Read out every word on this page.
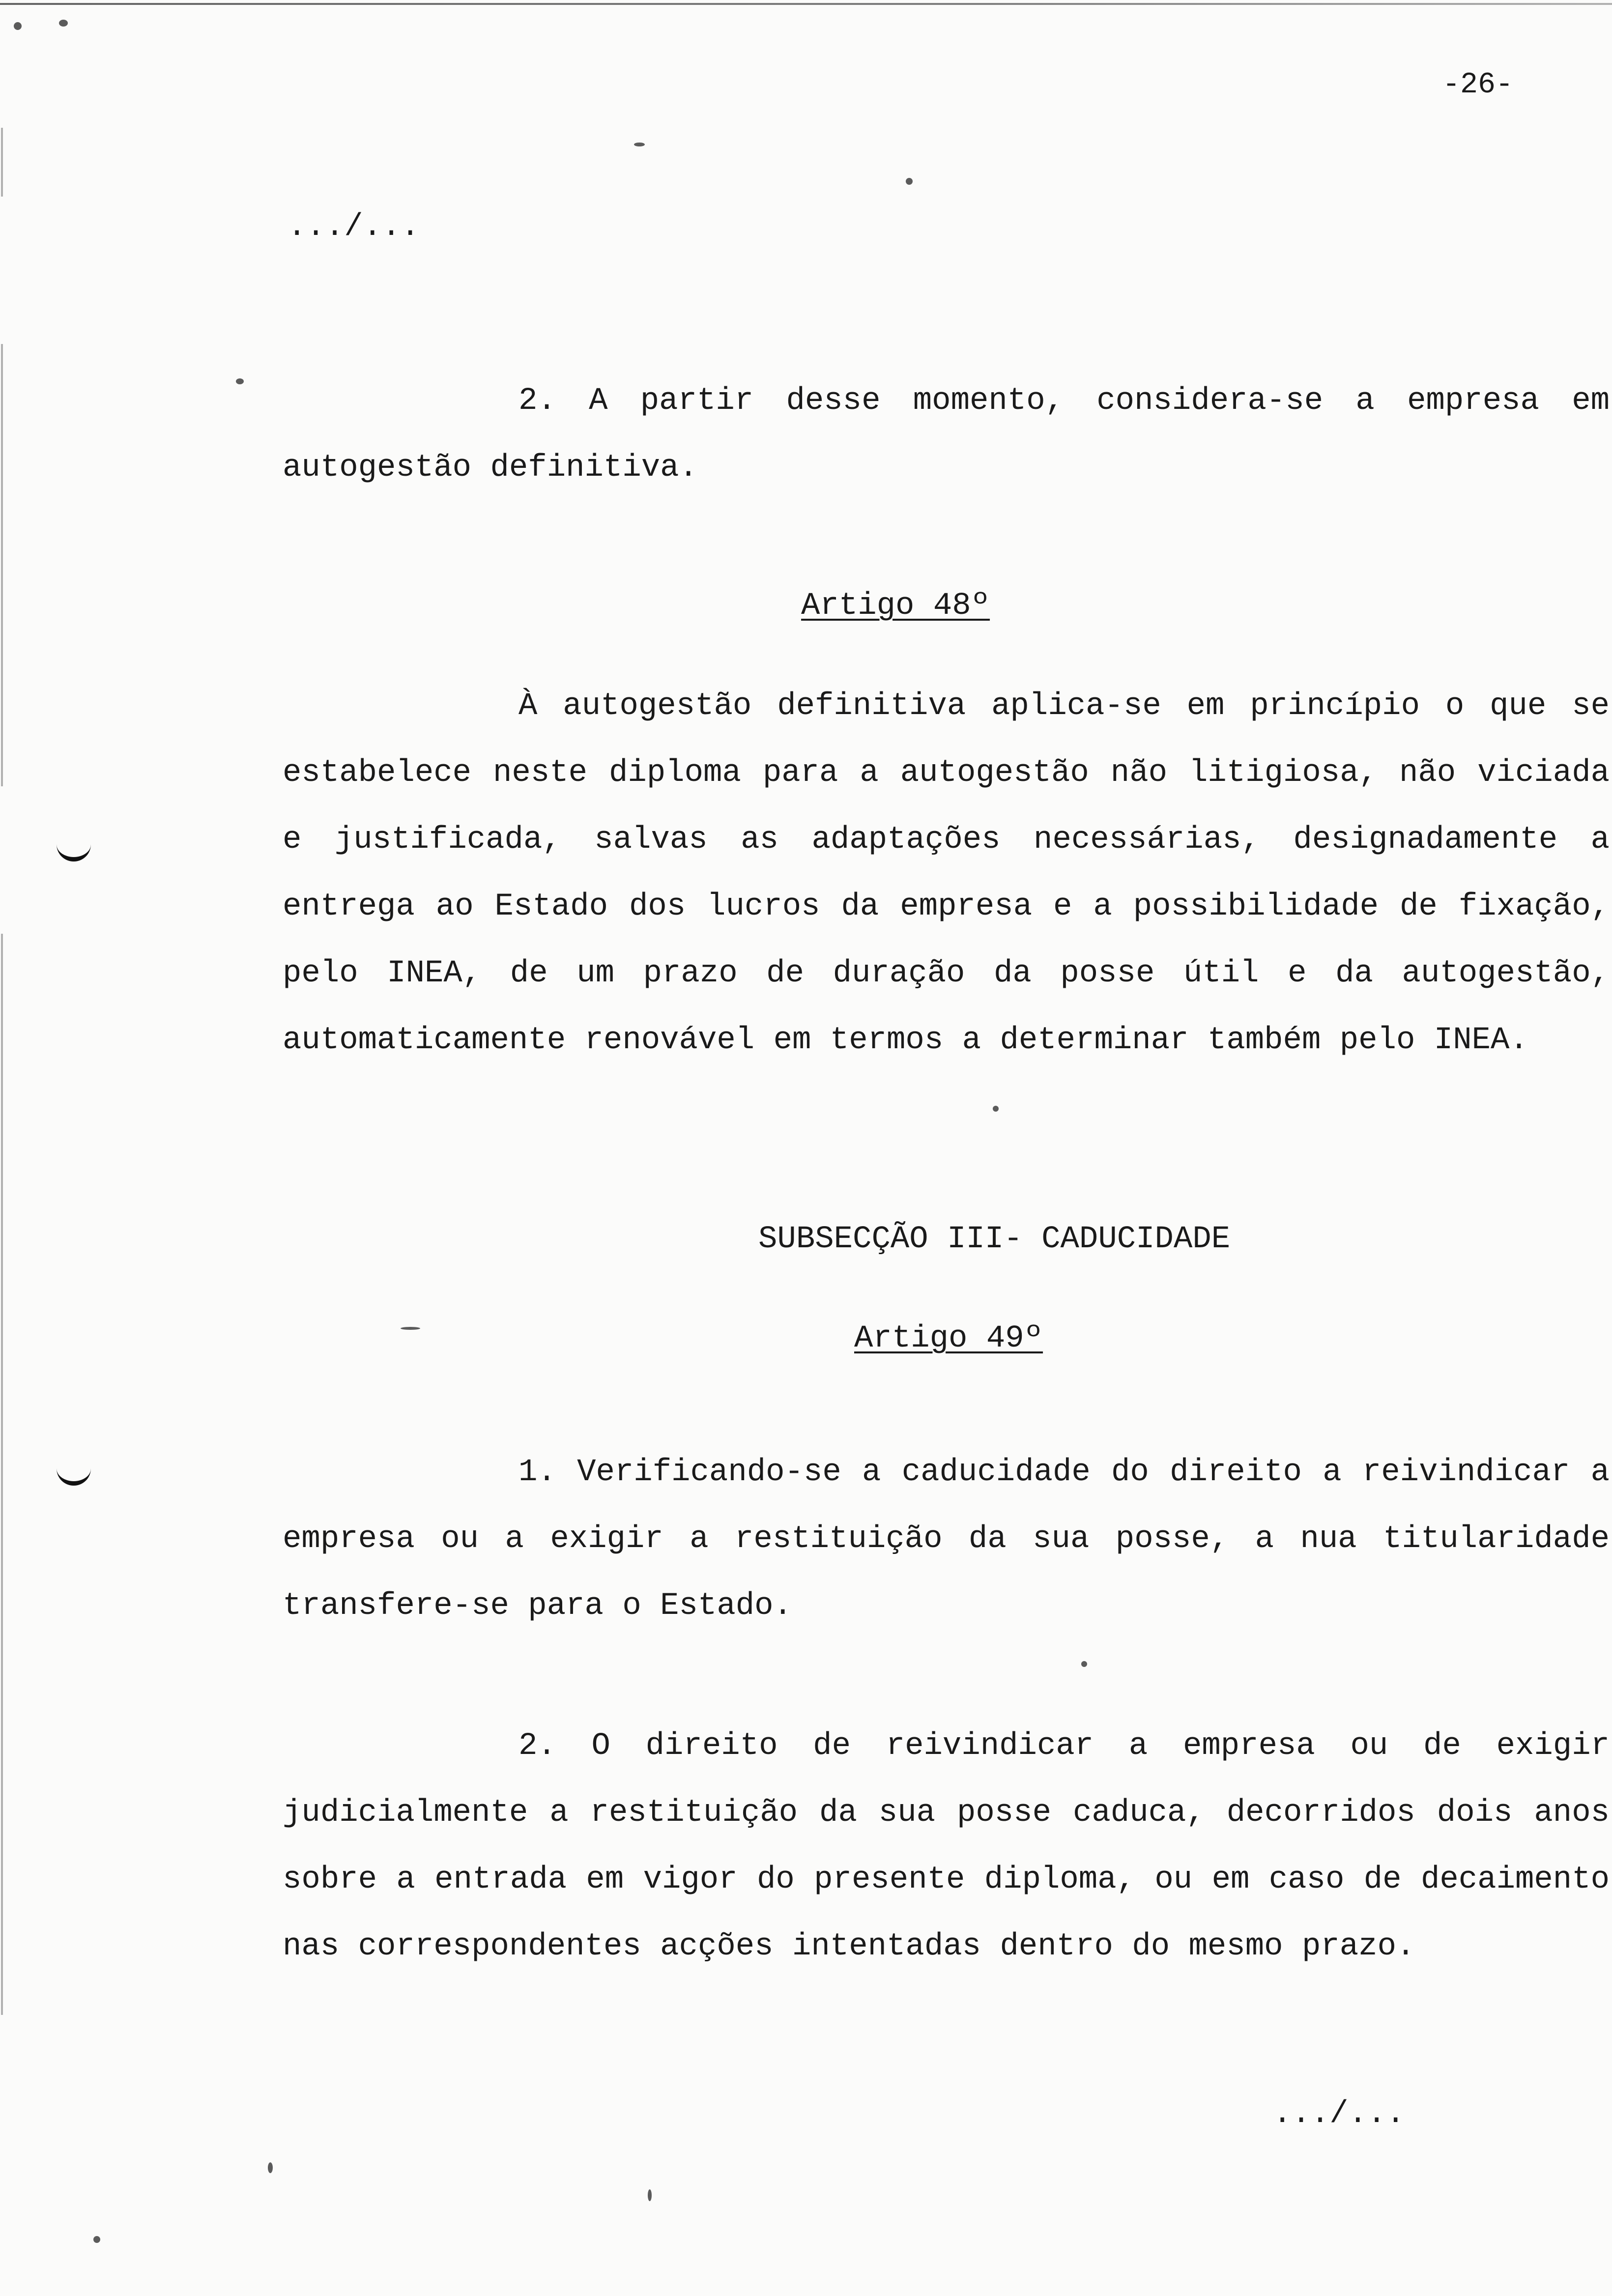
-26-
.../...
2. A partir desse momento, considera-se a empresa em autogestão definitiva.
Artigo 48º
À autogestão definitiva aplica-se em princípio o que se estabelece neste diploma para a autogestão não litigiosa, não viciada e justificada, salvas as adaptações necessárias, designadamente a entrega ao Estado dos lucros da empresa e a possibilidade de fixação, pelo INEA, de um prazo de duração da posse útil e da autogestão, automaticamente renovável em termos a determinar também pelo INEA.
SUBSECÇÃO III- CADUCIDADE
Artigo 49º
1. Verificando-se a caducidade do direito a reivindicar a empresa ou a exigir a restituição da sua posse, a nua titularidade transfere-se para o Estado.
2. O direito de reivindicar a empresa ou de exigir judicialmente a restituição da sua posse caduca, decorridos dois anos sobre a entrada em vigor do presente diploma, ou em caso de decaimento nas correspondentes acções intentadas dentro do mesmo prazo.
.../...
